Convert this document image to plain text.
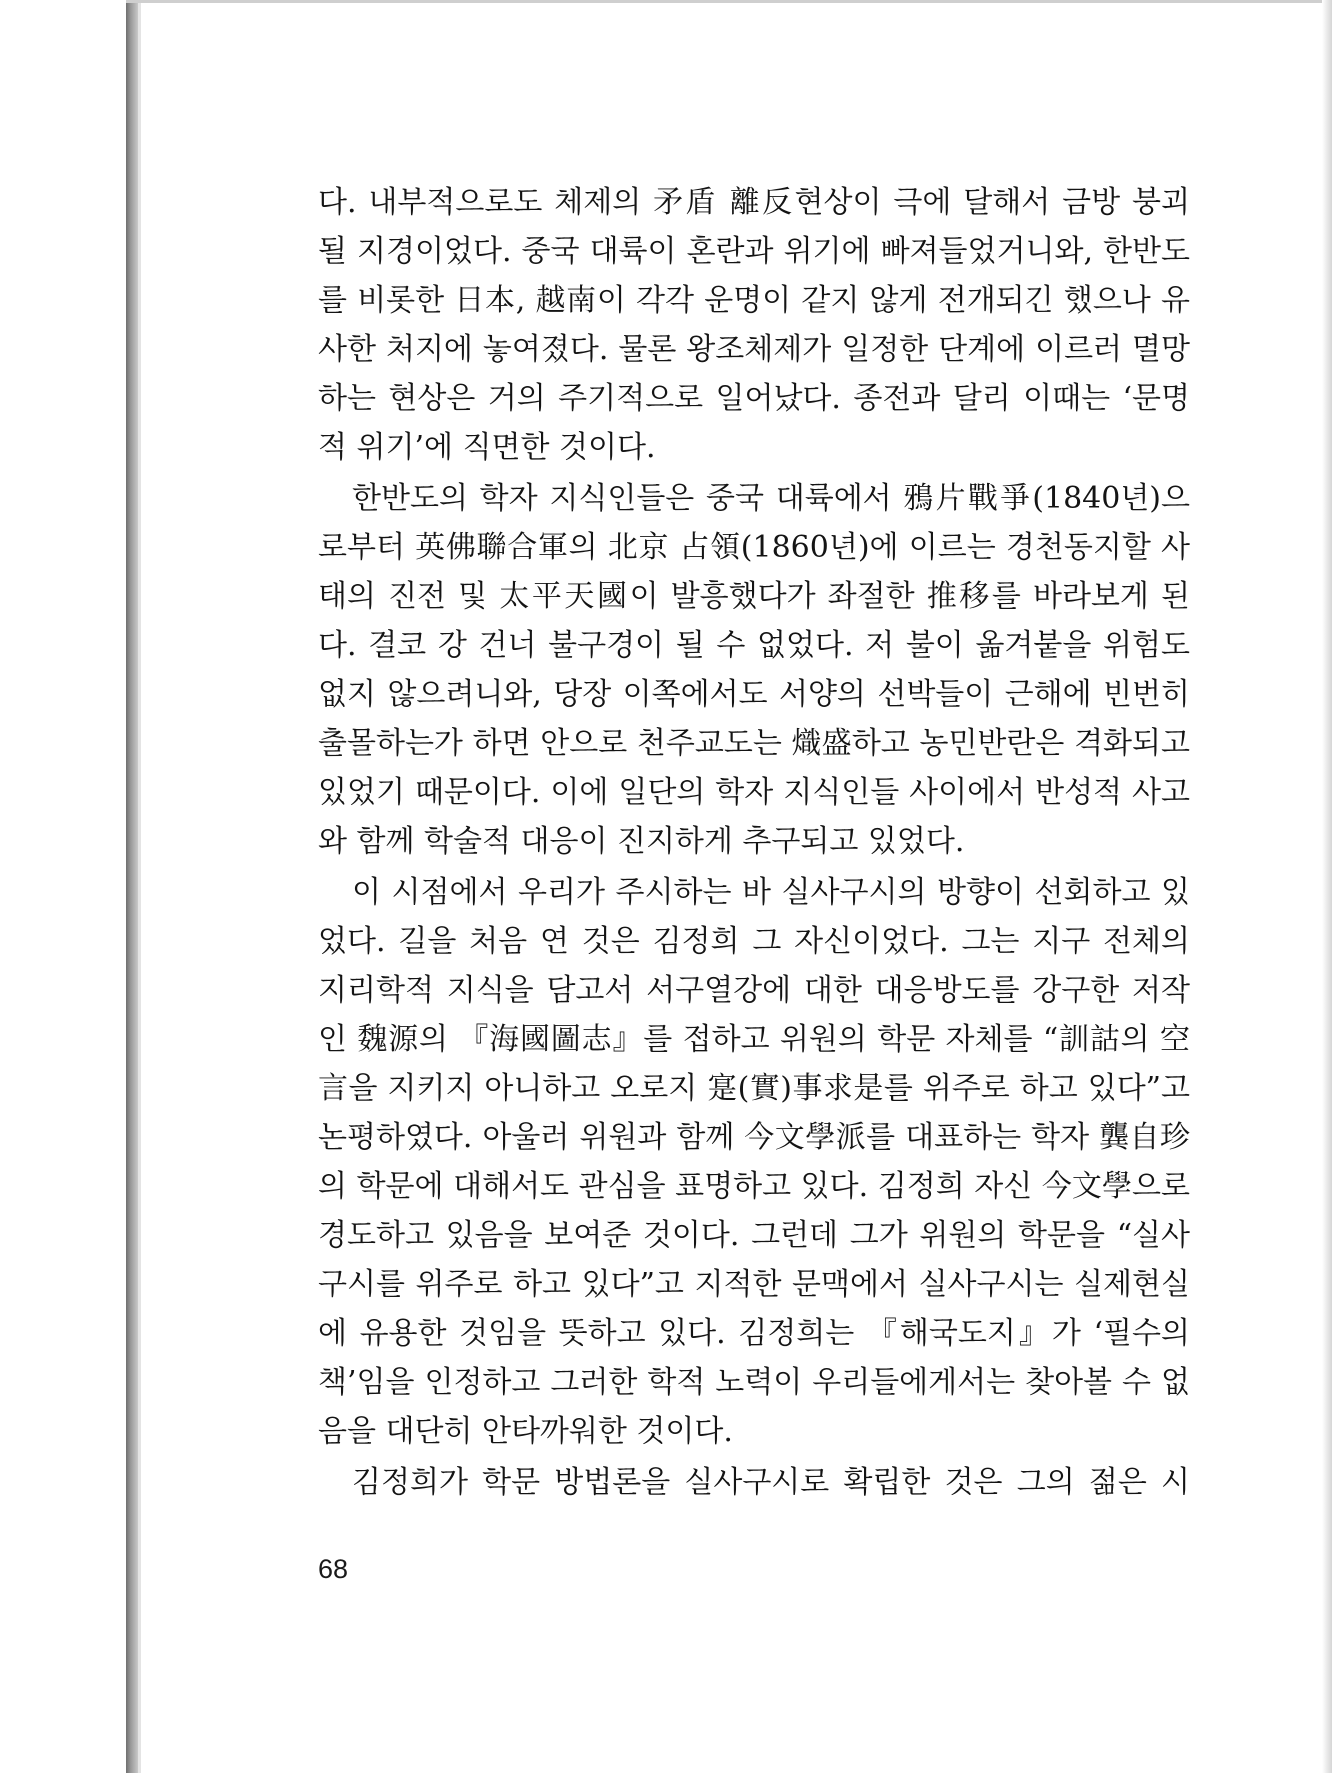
다. 내부적으로도 체제의 矛盾 離反현상이 극에 달해서 금방 붕괴될 지경이었다. 중국 대륙이 혼란과 위기에 빠져들었거니와, 한반도를 비롯한 日本, 越南이 각각 운명이 같지 않게 전개되긴 했으나 유사한 처지에 놓여졌다. 물론 왕조체제가 일정한 단계에 이르러 멸망하는 현상은 거의 주기적으로 일어났다. 종전과 달리 이때는 ‘문명적 위기’에 직면한 것이다.

한반도의 학자 지식인들은 중국 대륙에서 鴉片戰爭(1840년)으로부터 英佛聯合軍의 北京 占領(1860년)에 이르는 경천동지할 사태의 진전 및 太平天國이 발흥했다가 좌절한 推移를 바라보게 된다. 결코 강 건너 불구경이 될 수 없었다. 저 불이 옮겨붙을 위험도 없지 않으려니와, 당장 이쪽에서도 서양의 선박들이 근해에 빈번히 출몰하는가 하면 안으로 천주교도는 熾盛하고 농민반란은 격화되고 있었기 때문이다. 이에 일단의 학자 지식인들 사이에서 반성적 사고와 함께 학술적 대응이 진지하게 추구되고 있었다.

이 시점에서 우리가 주시하는 바 실사구시의 방향이 선회하고 있었다. 길을 처음 연 것은 김정희 그 자신이었다. 그는 지구 전체의 지리학적 지식을 담고서 서구열강에 대한 대응방도를 강구한 저작인 魏源의 『海國圖志』를 접하고 위원의 학문 자체를 “訓詁의 空言을 지키지 아니하고 오로지 寔(實)事求是를 위주로 하고 있다”고 논평하였다. 아울러 위원과 함께 今文學派를 대표하는 학자 龔自珍의 학문에 대해서도 관심을 표명하고 있다. 김정희 자신 今文學으로 경도하고 있음을 보여준 것이다. 그런데 그가 위원의 학문을 “실사구시를 위주로 하고 있다”고 지적한 문맥에서 실사구시는 실제현실에 유용한 것임을 뜻하고 있다. 김정희는 『해국도지』가 ‘필수의 책’임을 인정하고 그러한 학적 노력이 우리들에게서는 찾아볼 수 없음을 대단히 안타까워한 것이다.

김정희가 학문 방법론을 실사구시로 확립한 것은 그의 젊은 시

68
